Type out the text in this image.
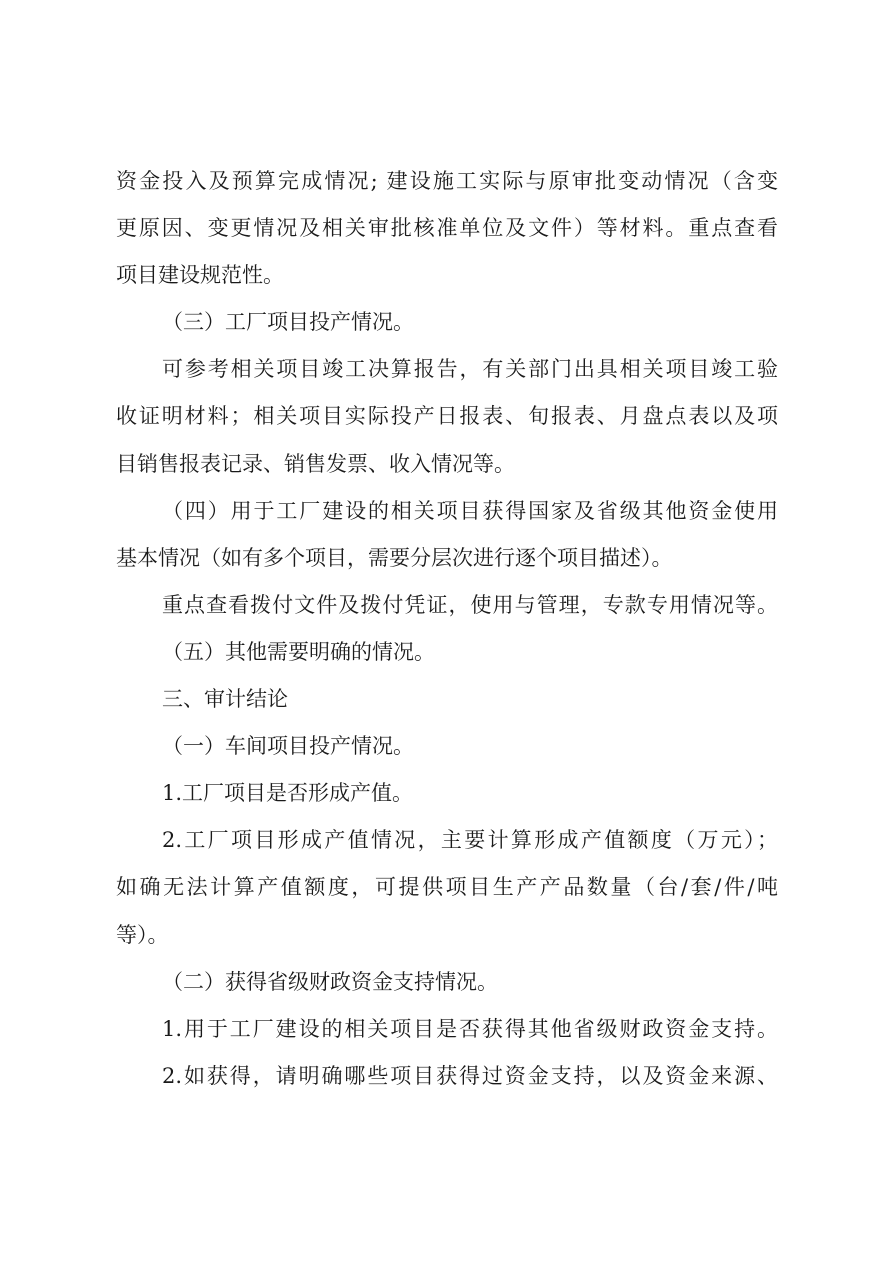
资金投入及预算完成情况; 建设施工实际与原审批变动情况（含变
更原因、变更情况及相关审批核准单位及文件）等材料。重点查看
项目建设规范性。
（三）工厂项目投产情况。
可参考相关项目竣工决算报告，有关部门出具相关项目竣工验
收证明材料；相关项目实际投产日报表、旬报表、月盘点表以及项
目销售报表记录、销售发票、收入情况等。
（四）用于工厂建设的相关项目获得国家及省级其他资金使用
基本情况（如有多个项目，需要分层次进行逐个项目描述）。
重点查看拨付文件及拨付凭证，使用与管理，专款专用情况等。
（五）其他需要明确的情况。
三、审计结论
（一）车间项目投产情况。
1.工厂项目是否形成产值。
2.工厂项目形成产值情况，主要计算形成产值额度（万元）；
如确无法计算产值额度，可提供项目生产产品数量（台/套/件/吨
等）。
（二）获得省级财政资金支持情况。
1.用于工厂建设的相关项目是否获得其他省级财政资金支持。
2.如获得，请明确哪些项目获得过资金支持，以及资金来源、
